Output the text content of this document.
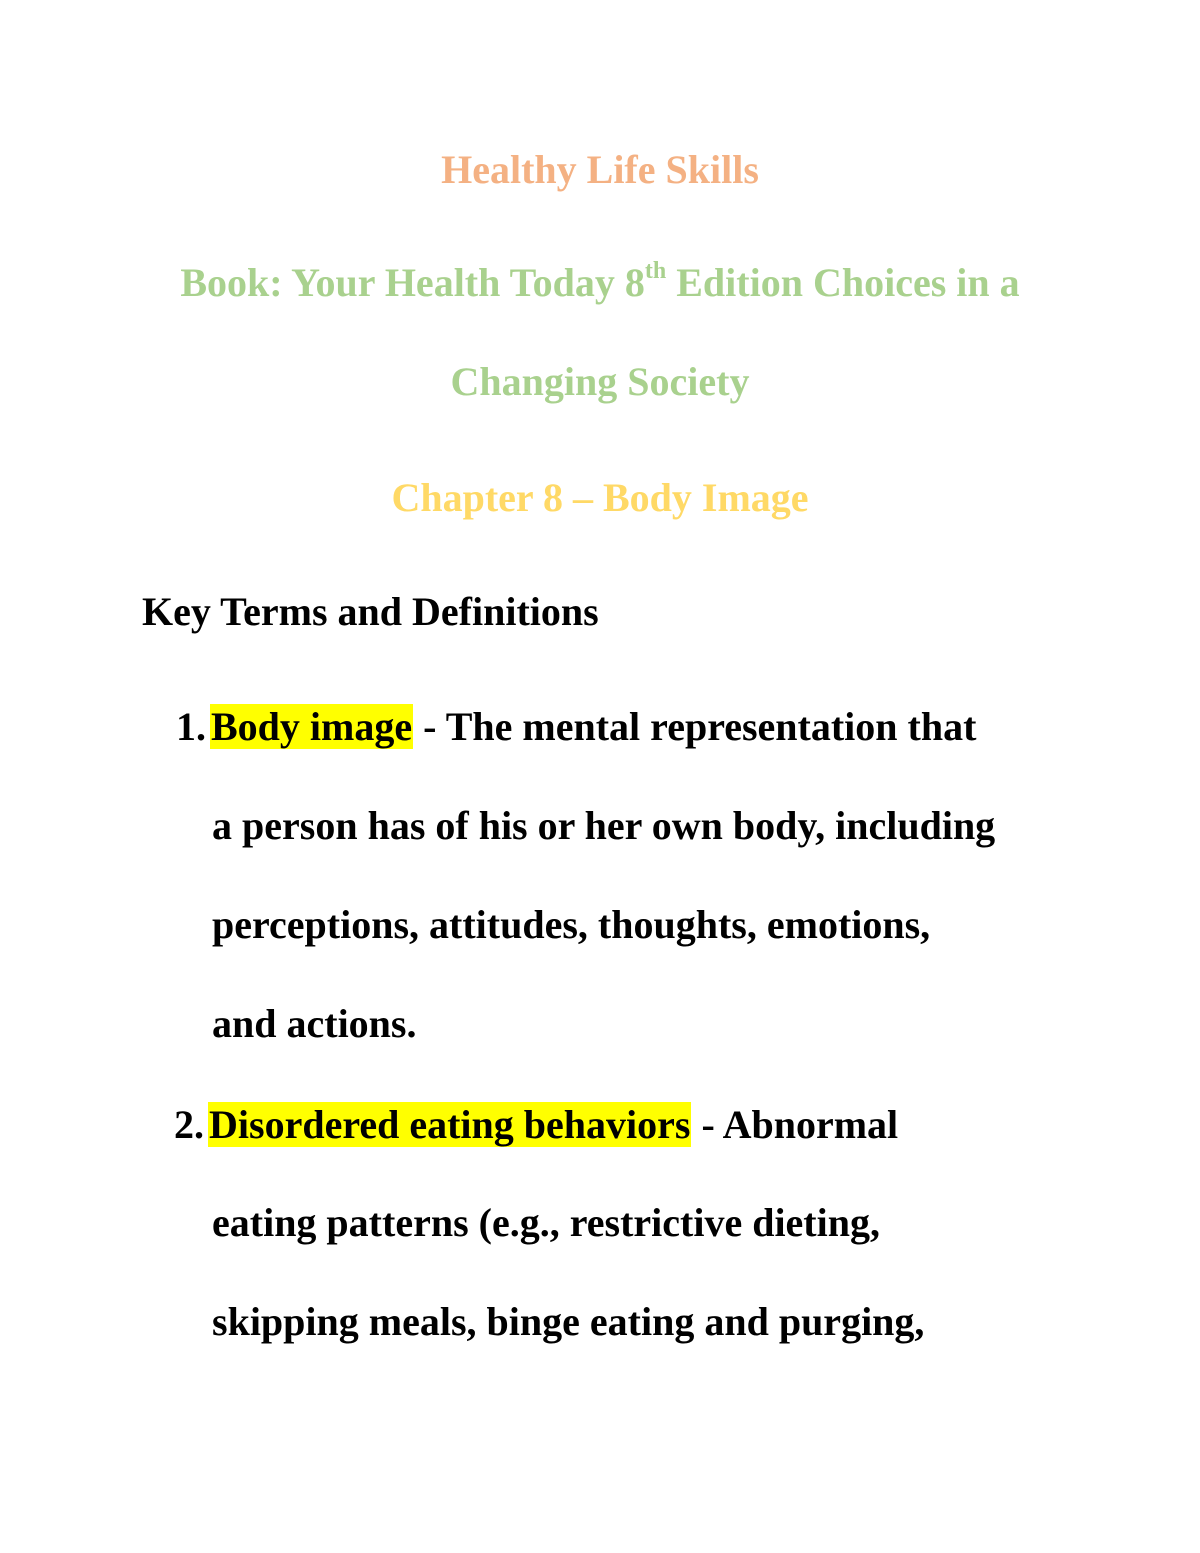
Healthy Life Skills
Book: Your Health Today 8th Edition Choices in a
Changing Society
Chapter 8 – Body Image
Key Terms and Definitions
1. Body image - The mental representation that
a person has of his or her own body, including
perceptions, attitudes, thoughts, emotions,
and actions.
2. Disordered eating behaviors - Abnormal
eating patterns (e.g., restrictive dieting,
skipping meals, binge eating and purging,
